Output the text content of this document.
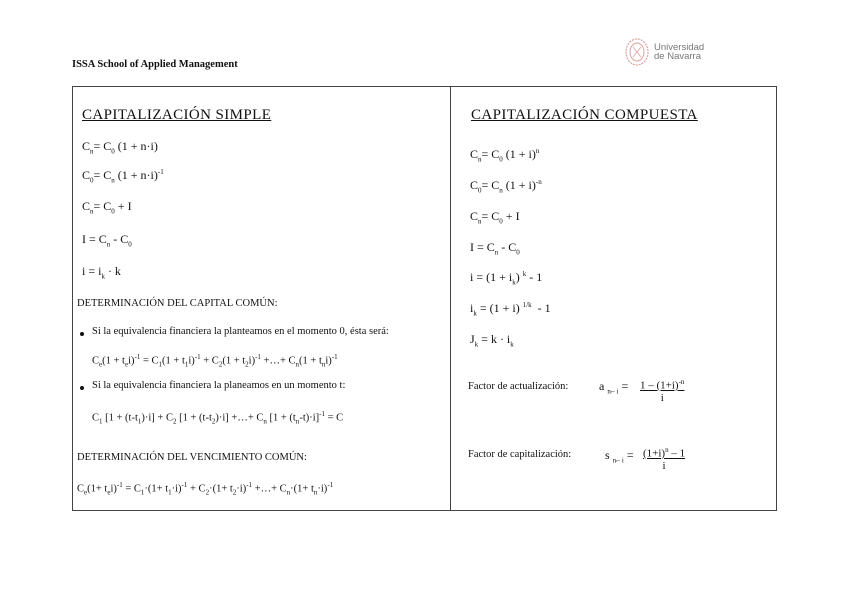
ISSA School of Applied Management
Universidad
de Navarra
CAPITALIZACIÓN SIMPLE
$C_n= C_0$ (1 + n·i)
$C_0= C_n$ $(1 + n\cdot i)^{-1}$
$C_n= C_0 + I$
$I = C_n - C_0$
$i = i_k \cdot k$
DETERMINACIÓN DEL CAPITAL COMÚN:
Si la equivalencia financiera la planteamos en el momento 0, ésta será:
$C_e(1 + t_ei)^{-1} = C_1(1 + t_1i)^{-1} + C_2(1 + t_2i)^{-1}$ +…+ $C_n(1 + t_ni)^{-1}$
Si la equivalencia financiera la planeamos en un momento t:
$C_1$ $[1 + (t-t_1)\cdot i] + C_2$ $[1 + (t-t_2)\cdot i]$ +…+ $C_n$ $[1 + (t_n-t)\cdot i]^{-1} = C$
DETERMINACIÓN DEL VENCIMIENTO COMÚN:
$C_e(1+ t_ei)^{-1} = C_1\cdot(1+ t_1\cdot i)^{-1} + C_2\cdot(1+ t_2\cdot i)^{-1}$ +…+ $C_n\cdot(1+ t_n\cdot i)^{-1}$
CAPITALIZACIÓN COMPUESTA
$C_n= C_0$ $(1 + i)^n$
$C_0= C_n$ $(1 + i)^{-n}$
$C_n= C_0 + I$
$I = C_n - C_0$
$i = (1 + i_k)$ $^k$ - 1
$i_k = (1 + i)$ $^{1/k}$  - 1
$J_k = k \cdot i_k$
Factor de actualización:	a $_{n⌐ i} = \frac{1 - (1+i)^{-n}}{i}$
Factor de capitalización:	s $_{n⌐ i} = \frac{(1+i)^n - 1}{i}$
